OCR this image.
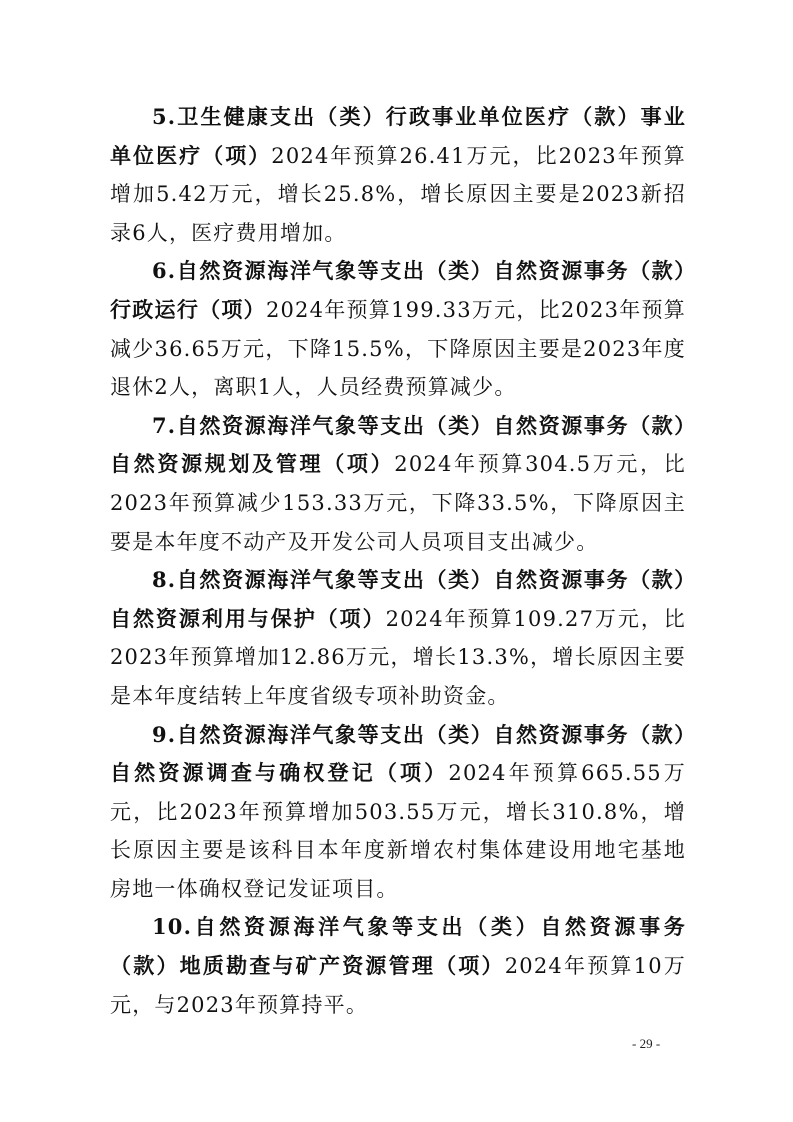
5.卫生健康支出（类）行政事业单位医疗（款）事业单位医疗（项）2024年预算26.41万元，比2023年预算增加5.42万元，增长25.8%，增长原因主要是2023新招录6人，医疗费用增加。

6.自然资源海洋气象等支出（类）自然资源事务（款）行政运行（项）2024年预算199.33万元，比2023年预算减少36.65万元，下降15.5%，下降原因主要是2023年度退休2人，离职1人，人员经费预算减少。

7.自然资源海洋气象等支出（类）自然资源事务（款）自然资源规划及管理（项）2024年预算304.5万元，比2023年预算减少153.33万元，下降33.5%，下降原因主要是本年度不动产及开发公司人员项目支出减少。

8.自然资源海洋气象等支出（类）自然资源事务（款）自然资源利用与保护（项）2024年预算109.27万元，比2023年预算增加12.86万元，增长13.3%，增长原因主要是本年度结转上年度省级专项补助资金。

9.自然资源海洋气象等支出（类）自然资源事务（款）自然资源调查与确权登记（项）2024年预算665.55万元，比2023年预算增加503.55万元，增长310.8%，增长原因主要是该科目本年度新增农村集体建设用地宅基地房地一体确权登记发证项目。

10.自然资源海洋气象等支出（类）自然资源事务（款）地质勘查与矿产资源管理（项）2024年预算10万元，与2023年预算持平。

- 29 -
